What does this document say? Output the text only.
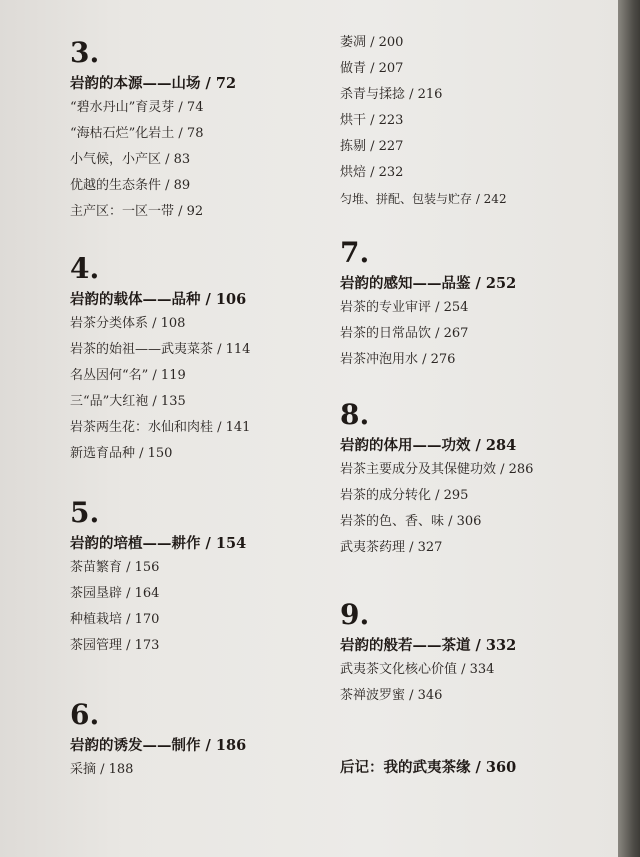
3.
岩韵的本源——山场 / 72
“碧水丹山”育灵芽 / 74
“海枯石烂”化岩土 / 78
小气候，小产区 / 83
优越的生态条件 / 89
主产区：一区一带 / 92
4.
岩韵的载体——品种 / 106
岩茶分类体系 / 108
岩茶的始祖——武夷菜茶 / 114
名丛因何“名” / 119
三“品”大红袍 / 135
岩茶两生花：水仙和肉桂 / 141
新选育品种 / 150
5.
岩韵的培植——耕作 / 154
茶苗繁育 / 156
茶园垦辟 / 164
种植栽培 / 170
茶园管理 / 173
6.
岩韵的诱发——制作 / 186
采摘 / 188
萎凋 / 200
做青 / 207
杀青与揉捻 / 216
烘干 / 223
拣剔 / 227
烘焙 / 232
匀堆、拼配、包装与贮存 / 242
7.
岩韵的感知——品鉴 / 252
岩茶的专业审评 / 254
岩茶的日常品饮 / 267
岩茶冲泡用水 / 276
8.
岩韵的体用——功效 / 284
岩茶主要成分及其保健功效 / 286
岩茶的成分转化 / 295
岩茶的色、香、味 / 306
武夷茶药理 / 327
9.
岩韵的般若——茶道 / 332
武夷茶文化核心价值 / 334
茶禅波罗蜜 / 346
后记：我的武夷茶缘 / 360
